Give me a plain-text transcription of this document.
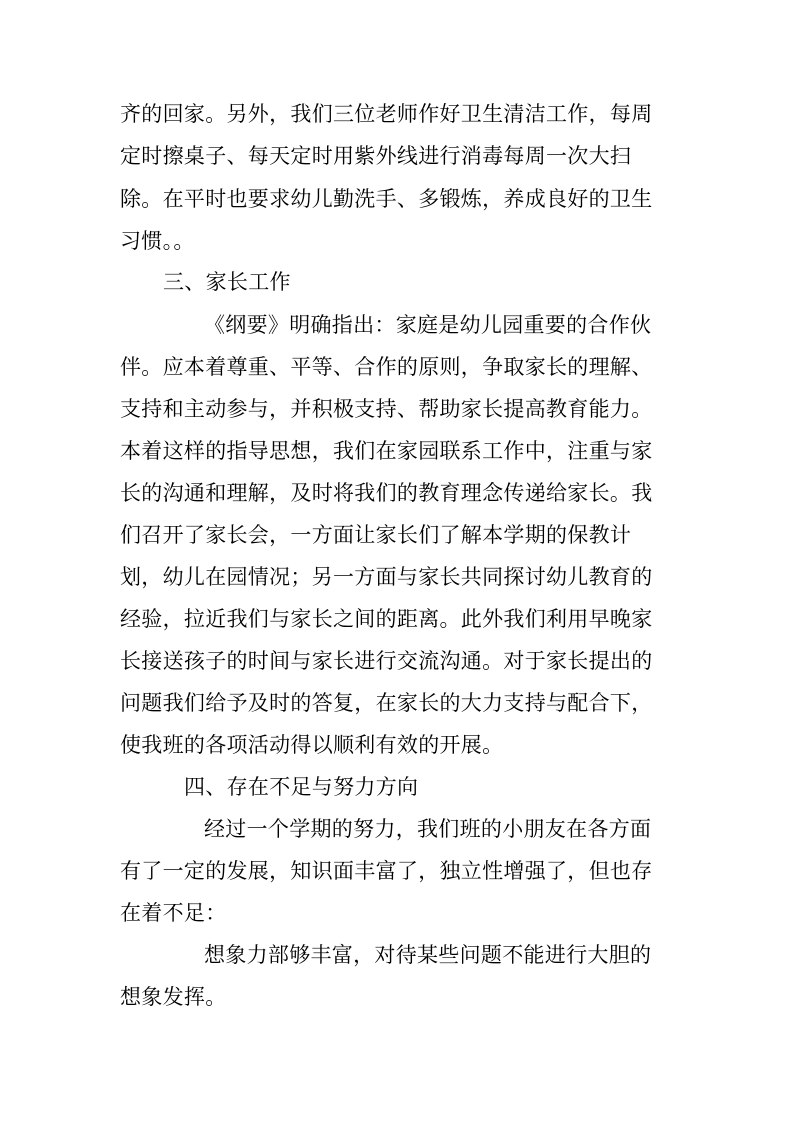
齐的回家。另外，我们三位老师作好卫生清洁工作，每周
定时擦桌子、每天定时用紫外线进行消毒每周一次大扫
除。在平时也要求幼儿勤洗手、多锻炼，养成良好的卫生
习惯。。
三、家长工作
《纲要》明确指出：家庭是幼儿园重要的合作伙
伴。应本着尊重、平等、合作的原则，争取家长的理解、
支持和主动参与，并积极支持、帮助家长提高教育能力。
本着这样的指导思想，我们在家园联系工作中，注重与家
长的沟通和理解，及时将我们的教育理念传递给家长。我
们召开了家长会，一方面让家长们了解本学期的保教计
划，幼儿在园情况；另一方面与家长共同探讨幼儿教育的
经验，拉近我们与家长之间的距离。此外我们利用早晚家
长接送孩子的时间与家长进行交流沟通。对于家长提出的
问题我们给予及时的答复，在家长的大力支持与配合下，
使我班的各项活动得以顺利有效的开展。
四、存在不足与努力方向
经过一个学期的努力，我们班的小朋友在各方面
有了一定的发展，知识面丰富了，独立性增强了，但也存
在着不足：
想象力部够丰富，对待某些问题不能进行大胆的
想象发挥。
